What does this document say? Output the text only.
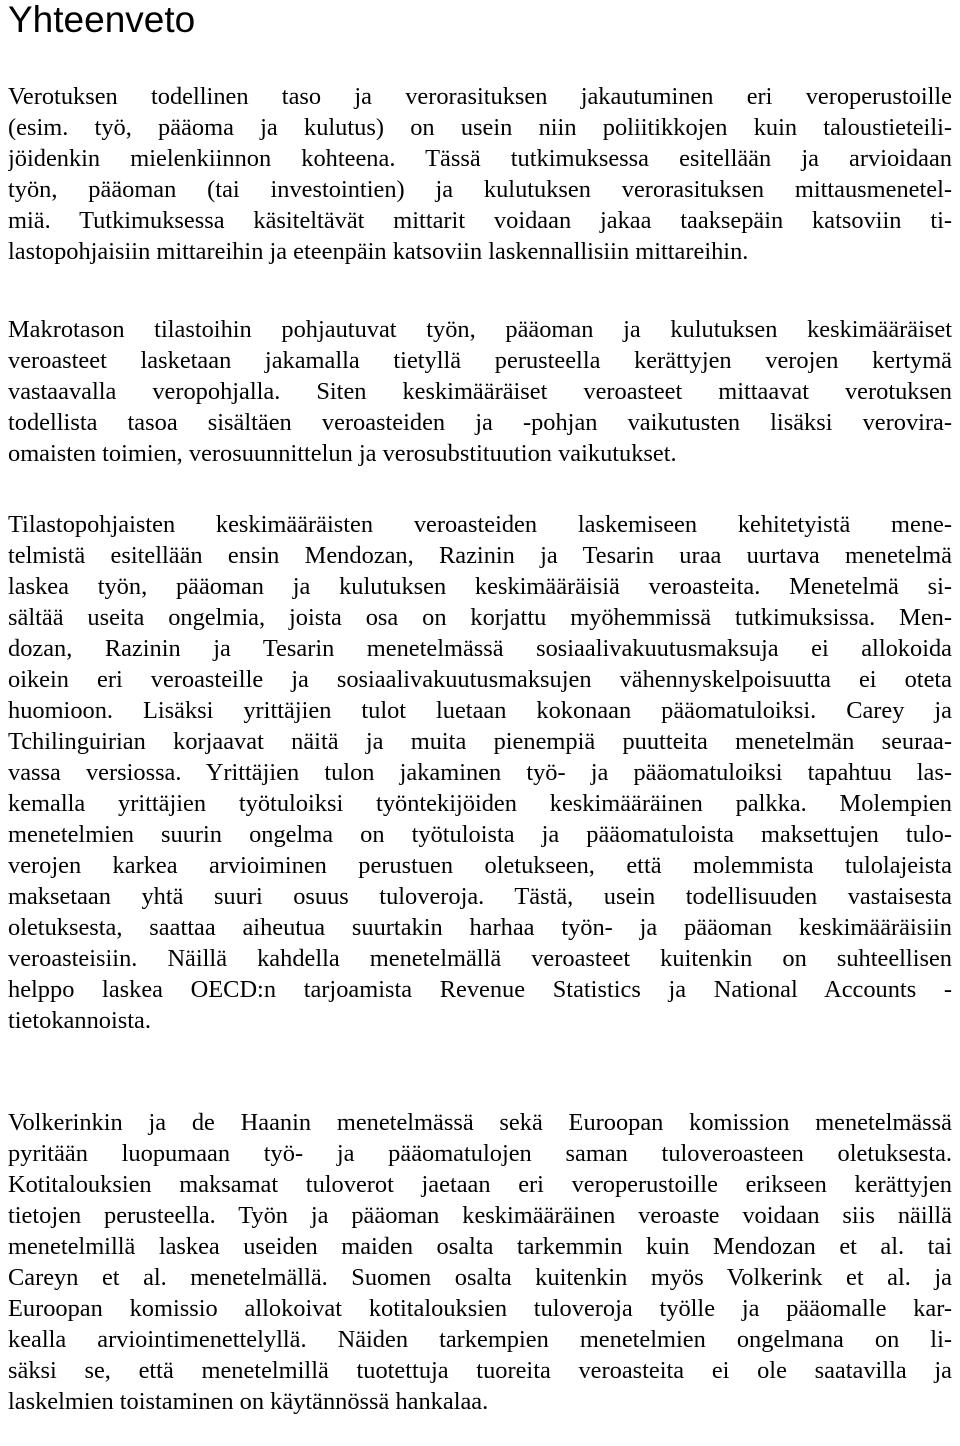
Yhteenveto
Verotuksen todellinen taso ja verorasituksen jakautuminen eri veroperustoille
(esim. työ, pääoma ja kulutus) on usein niin poliitikkojen kuin taloustieteili-
jöidenkin mielenkiinnon kohteena. Tässä tutkimuksessa esitellään ja arvioidaan
työn, pääoman (tai investointien) ja kulutuksen verorasituksen mittausmenetel-
miä. Tutkimuksessa käsiteltävät mittarit voidaan jakaa taaksepäin katsoviin ti-
lastopohjaisiin mittareihin ja eteenpäin katsoviin laskennallisiin mittareihin.
Makrotason tilastoihin pohjautuvat työn, pääoman ja kulutuksen keskimääräiset
veroasteet lasketaan jakamalla tietyllä perusteella kerättyjen verojen kertymä
vastaavalla veropohjalla. Siten keskimääräiset veroasteet mittaavat verotuksen
todellista tasoa sisältäen veroasteiden ja -pohjan vaikutusten lisäksi verovira-
omaisten toimien, verosuunnittelun ja verosubstituution vaikutukset.
Tilastopohjaisten keskimääräisten veroasteiden laskemiseen kehitetyistä mene-
telmistä esitellään ensin Mendozan, Razinin ja Tesarin uraa uurtava menetelmä
laskea työn, pääoman ja kulutuksen keskimääräisiä veroasteita. Menetelmä si-
sältää useita ongelmia, joista osa on korjattu myöhemmissä tutkimuksissa. Men-
dozan, Razinin ja Tesarin menetelmässä sosiaalivakuutusmaksuja ei allokoida
oikein eri veroasteille ja sosiaalivakuutusmaksujen vähennyskelpoisuutta ei oteta
huomioon. Lisäksi yrittäjien tulot luetaan kokonaan pääomatuloiksi. Carey ja
Tchilinguirian korjaavat näitä ja muita pienempiä puutteita menetelmän seuraa-
vassa versiossa. Yrittäjien tulon jakaminen työ- ja pääomatuloiksi tapahtuu las-
kemalla yrittäjien työtuloiksi työntekijöiden keskimääräinen palkka. Molempien
menetelmien suurin ongelma on työtuloista ja pääomatuloista maksettujen tulo-
verojen karkea arvioiminen perustuen oletukseen, että molemmista tulolajeista
maksetaan yhtä suuri osuus tuloveroja. Tästä, usein todellisuuden vastaisesta
oletuksesta, saattaa aiheutua suurtakin harhaa työn- ja pääoman keskimääräisiin
veroasteisiin. Näillä kahdella menetelmällä veroasteet kuitenkin on suhteellisen
helppo laskea OECD:n tarjoamista Revenue Statistics ja National Accounts -
tietokannoista.
Volkerinkin ja de Haanin menetelmässä sekä Euroopan komission menetelmässä
pyritään luopumaan työ- ja pääomatulojen saman tuloveroasteen oletuksesta.
Kotitalouksien maksamat tuloverot jaetaan eri veroperustoille erikseen kerättyjen
tietojen perusteella. Työn ja pääoman keskimääräinen veroaste voidaan siis näillä
menetelmillä laskea useiden maiden osalta tarkemmin kuin Mendozan et al. tai
Careyn et al. menetelmällä. Suomen osalta kuitenkin myös Volkerink et al. ja
Euroopan komissio allokoivat kotitalouksien tuloveroja työlle ja pääomalle kar-
kealla arviointimenettelyllä. Näiden tarkempien menetelmien ongelmana on li-
säksi se, että menetelmillä tuotettuja tuoreita veroasteita ei ole saatavilla ja
laskelmien toistaminen on käytännössä hankalaa.
